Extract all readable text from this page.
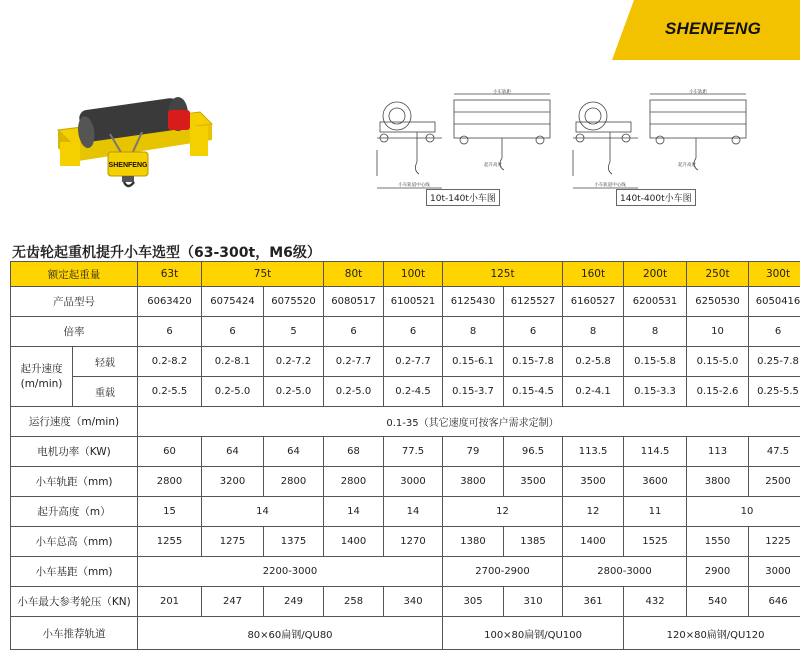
SHENFENG
SHENFENG
小车轨距
小车轨道中心线
起升高度
10t-140t小车图
小车轨距
小车轨道中心线
起升高度
140t-400t小车图
无齿轮起重机提升小车选型（63-300t，M6级）
额定起重量		63t	75t		80t	100t	125t		160t	200t	250t	300t
产品型号		6063420	6075424	6075520	6080517	6100521	6125430	6125527	6160527	6200531	6250530	6050416
倍率		6	6	5	6	6	8	6	8	8	10	6
起升速度
(m/min)	轻载	0.2-8.2	0.2-8.1	0.2-7.2	0.2-7.7	0.2-7.7	0.15-6.1	0.15-7.8	0.2-5.8	0.15-5.8	0.15-5.0	0.25-7.8
	重载	0.2-5.5	0.2-5.0	0.2-5.0	0.2-5.0	0.2-4.5	0.15-3.7	0.15-4.5	0.2-4.1	0.15-3.3	0.15-2.6	0.25-5.5
运行速度（m/min)		0.1-35（其它速度可按客户需求定制）										
电机功率（KW)		60	64	64	68	77.5	79	96.5	113.5	114.5	113	47.5
小车轨距（mm)		2800	3200	2800	2800	3000	3800	3500	3500	3600	3800	2500
起升高度（m）		15	14		14	14	12		12	11	10	
小车总高（mm)		1255	1275	1375	1400	1270	1380	1385	1400	1525	1550	1225
小车基距（mm)		2200-3000					2700-2900		2800-3000		2900	3000
小车最大参考轮压（KN)		201	247	249	258	340	305	310	361	432	540	646
小车推荐轨道		80×60扁钢/QU80					100×80扁钢/QU100			120×80扁钢/QU120		
